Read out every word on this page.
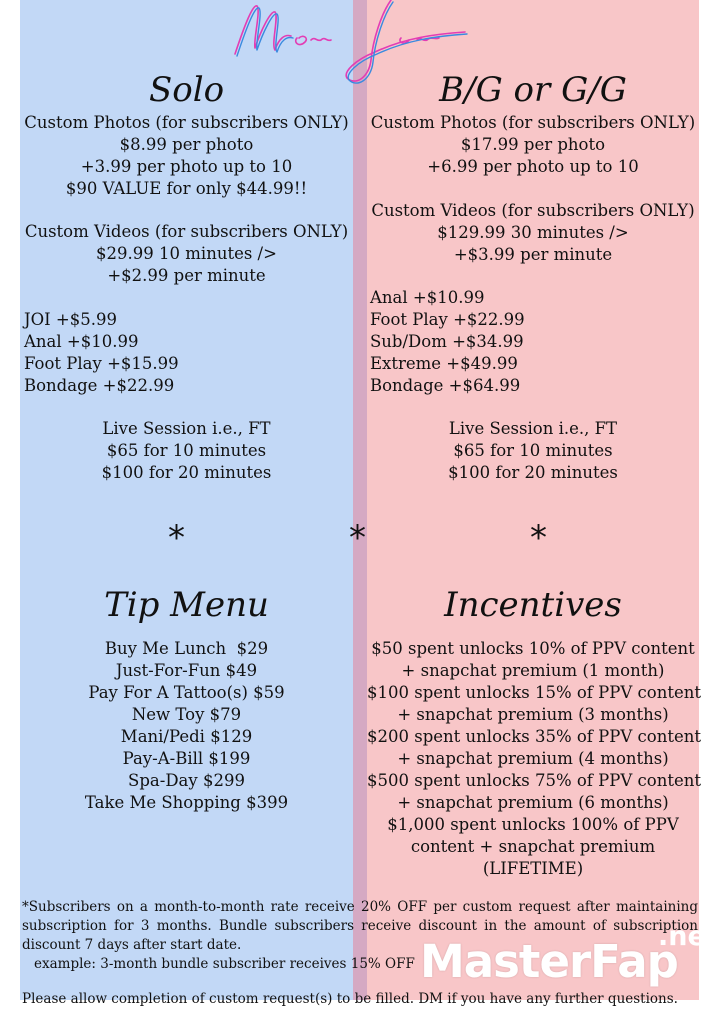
Solo	B/G or G/G
Custom Photos (for subscribers ONLY)
$8.99 per photo
+3.99 per photo up to 10
$90 VALUE for only $44.99!!
Custom Videos (for subscribers ONLY)
$29.99 10 minutes />
+$2.99 per minute
JOI +$5.99
Anal +$10.99
Foot Play +$15.99
Bondage +$22.99
Live Session i.e., FT
$65 for 10 minutes
$100 for 20 minutes
Custom Photos (for subscribers ONLY)
$17.99 per photo
+6.99 per photo up to 10
Custom Videos (for subscribers ONLY)
$129.99 30 minutes />
+$3.99 per minute
Anal +$10.99
Foot Play +$22.99
Sub/Dom +$34.99
Extreme +$49.99
Bondage +$64.99
Live Session i.e., FT
$65 for 10 minutes
$100 for 20 minutes
*	*	*
Tip Menu
Buy Me Lunch  $29
Just-For-Fun $49
Pay For A Tattoo(s) $59
New Toy $79
Mani/Pedi $129
Pay-A-Bill $199
Spa-Day $299
Take Me Shopping $399
Incentives
$50 spent unlocks 10% of PPV content
+ snapchat premium (1 month)
$100 spent unlocks 15% of PPV content
+ snapchat premium (3 months)
$200 spent unlocks 35% of PPV content
+ snapchat premium (4 months)
$500 spent unlocks 75% of PPV content
+ snapchat premium (6 months)
$1,000 spent unlocks 100% of PPV
content + snapchat premium
(LIFETIME)

*Subscribers on a month-to-month rate receive 20% OFF per custom request after maintaining subscription for 3 months. Bundle subscribers receive discount in the amount of subscription discount 7 days after start date.

example: 3-month bundle subscriber receives 15% OFF

Please allow completion of custom request(s) to be filled. DM if you have any further questions.

MasterFap
.net
